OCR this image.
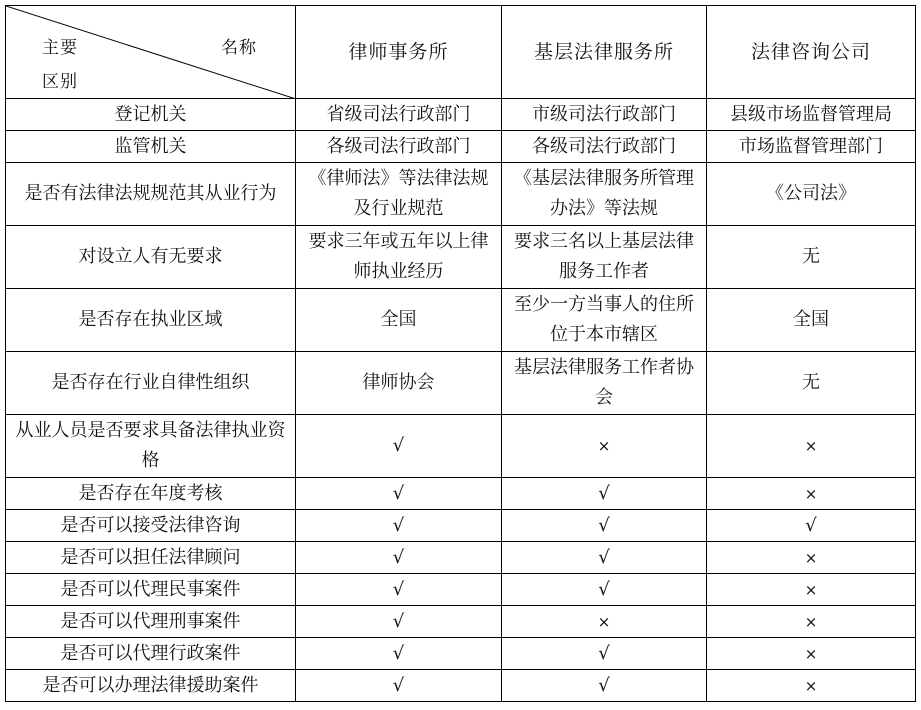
主要 名称
区别	律师事务所	基层法律服务所	法律咨询公司
登记机关	省级司法行政部门	市级司法行政部门	县级市场监督管理局
监管机关	各级司法行政部门	各级司法行政部门	市场监督管理部门
是否有法律法规规范其从业行为	《律师法》等法律法规及行业规范	《基层法律服务所管理办法》等法规	《公司法》
对设立人有无要求	要求三年或五年以上律师执业经历	要求三名以上基层法律服务工作者	无
是否存在执业区域	全国	至少一方当事人的住所位于本市辖区	全国
是否存在行业自律性组织	律师协会	基层法律服务工作者协会	无
从业人员是否要求具备法律执业资格	√	×	×
是否存在年度考核	√	√	×
是否可以接受法律咨询	√	√	√
是否可以担任法律顾问	√	√	×
是否可以代理民事案件	√	√	×
是否可以代理刑事案件	√	×	×
是否可以代理行政案件	√	√	×
是否可以办理法律援助案件	√	√	×
